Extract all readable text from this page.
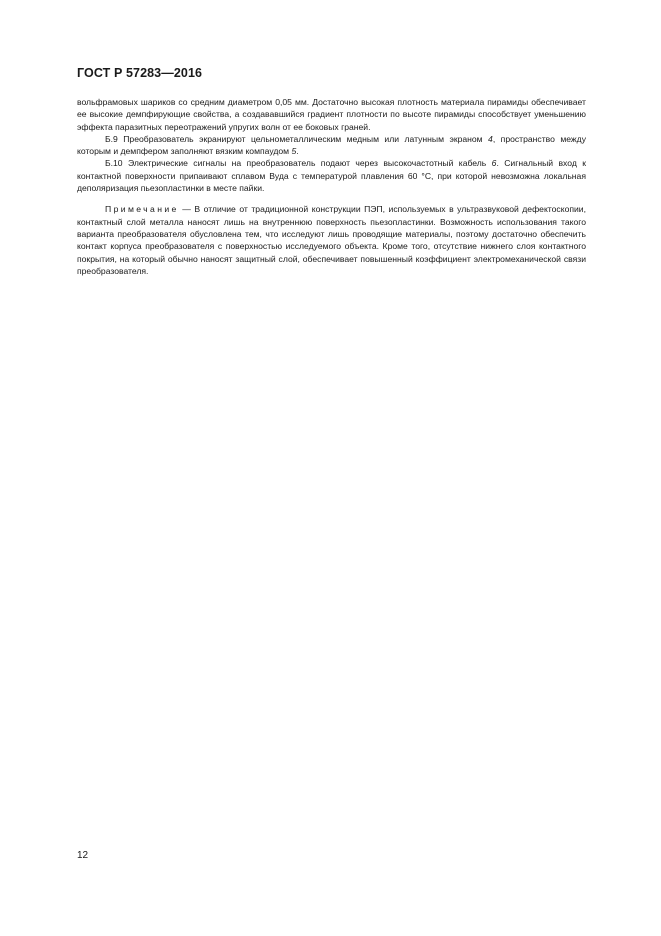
ГОСТ Р 57283—2016

вольфрамовых шариков со средним диаметром 0,05 мм. Достаточно высокая плотность материала пирамиды обеспечивает ее высокие демпфирующие свойства, а создававшийся градиент плотности по высоте пирамиды способствует уменьшению эффекта паразитных переотражений упругих волн от ее боковых граней.

Б.9 Преобразователь экранируют цельнометаллическим медным или латунным экраном 4, пространство между которым и демпфером заполняют вязким компаудом 5.

Б.10 Электрические сигналы на преобразователь подают через высокочастотный кабель 6. Сигнальный вход к контактной поверхности припаивают сплавом Вуда с температурой плавления 60 °С, при которой невозможна локальная деполяризация пьезопластинки в месте пайки.

Примечание — В отличие от традиционной конструкции ПЭП, используемых в ультразвуковой дефектоскопии, контактный слой металла наносят лишь на внутреннюю поверхность пьезопластинки. Возможность использования такого варианта преобразователя обусловлена тем, что исследуют лишь проводящие материалы, поэтому достаточно обеспечить контакт корпуса преобразователя с поверхностью исследуемого объекта. Кроме того, отсутствие нижнего слоя контактного покрытия, на который обычно наносят защитный слой, обеспечивает повышенный коэффициент электромеханической связи преобразователя.

12
